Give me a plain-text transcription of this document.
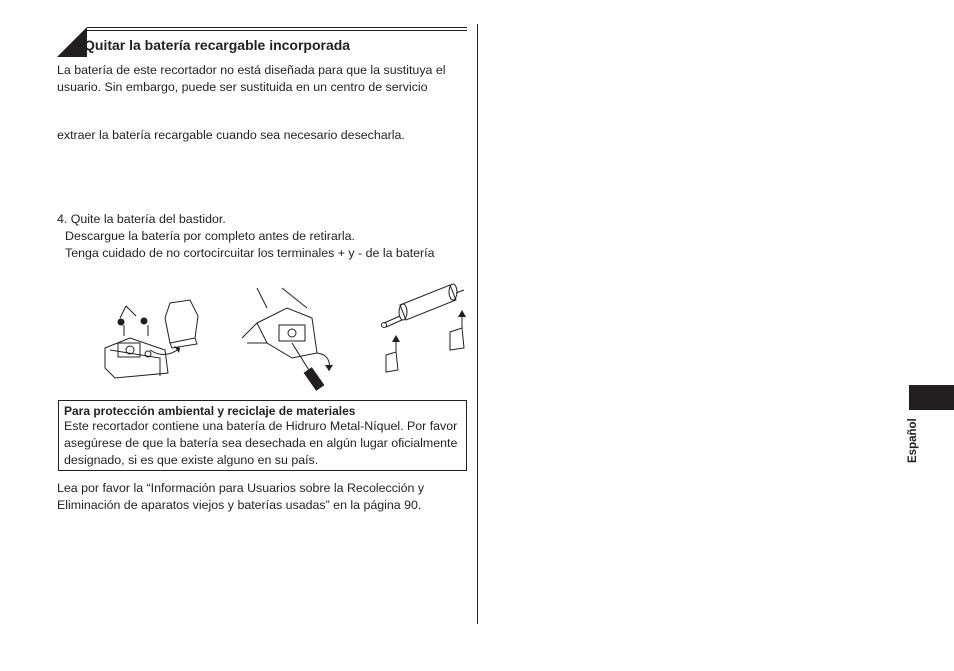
Quitar la batería recargable incorporada
La batería de este recortador no está diseñada para que la sustituya el
usuario. Sin embargo, puede ser sustituida en un centro de servicio
extraer la batería recargable cuando sea necesario desecharla.
4. Quite la batería del bastidor.
Descargue la batería por completo antes de retirarla.
Tenga cuidado de no cortocircuitar los terminales + y - de la batería
Para protección ambiental y reciclaje de materiales
Este recortador contiene una batería de Hidruro Metal-Níquel. Por favor
asegúrese de que la batería sea desechada en algún lugar oficialmente
designado, si es que existe alguno en su país.
Lea por favor la “Información para Usuarios sobre la Recolección y
Eliminación de aparatos viejos y baterías usadas” en la página 90.
Español
